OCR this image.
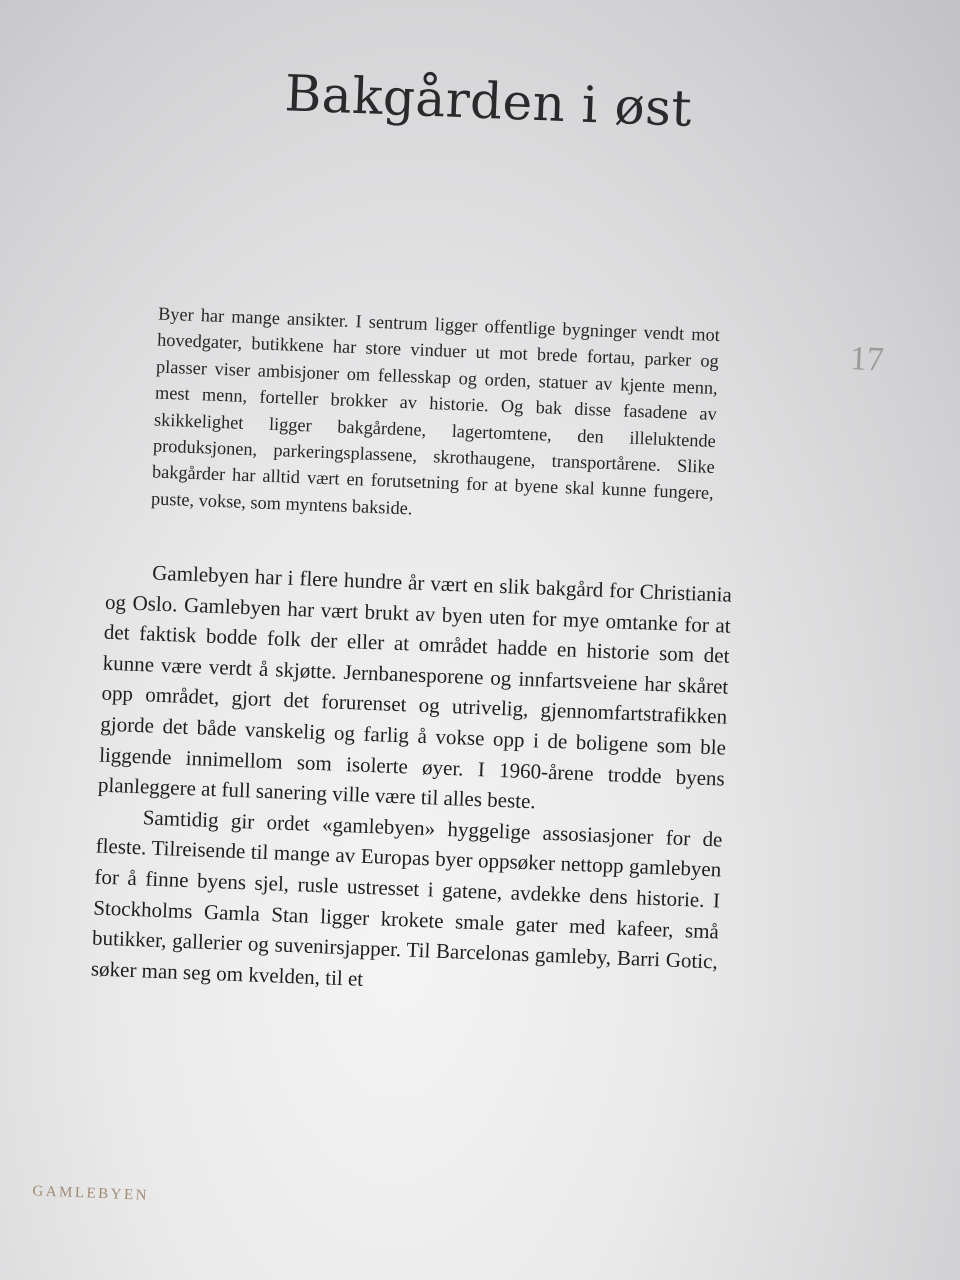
Bakgården i øst
17

Byer har mange ansikter. I sentrum ligger offentlige bygninger vendt mot hovedgater, butikkene har store vinduer ut mot brede fortau, parker og plasser viser ambisjoner om fellesskap og orden, statuer av kjente menn, mest menn, forteller brokker av historie. Og bak disse fasadene av skikkelighet ligger bakgårdene, lagertomtene, den illeluktende produksjonen, parkeringsplassene, skrothaugene, transportårene. Slike bakgårder har alltid vært en forutsetning for at byene skal kunne fungere, puste, vokse, som myntens bakside.

Gamlebyen har i flere hundre år vært en slik bakgård for Christiania og Oslo. Gamlebyen har vært brukt av byen uten for mye omtanke for at det faktisk bodde folk der eller at området hadde en historie som det kunne være verdt å skjøtte. Jernbanesporene og innfartsveiene har skåret opp området, gjort det forurenset og utrivelig, gjennomfartstrafikken gjorde det både vanskelig og farlig å vokse opp i de boligene som ble liggende innimellom som isolerte øyer. I 1960-årene trodde byens planleggere at full sanering ville være til alles beste.

Samtidig gir ordet «gamlebyen» hyggelige assosiasjoner for de fleste. Tilreisende til mange av Europas byer oppsøker nettopp gamlebyen for å finne byens sjel, rusle ustresset i gatene, avdekke dens historie. I Stockholms Gamla Stan ligger krokete smale gater med kafeer, små butikker, gallerier og suvenirsjapper. Til Barcelonas gamleby, Barri Gotic, søker man seg om kvelden, til et

GAMLEBYEN
